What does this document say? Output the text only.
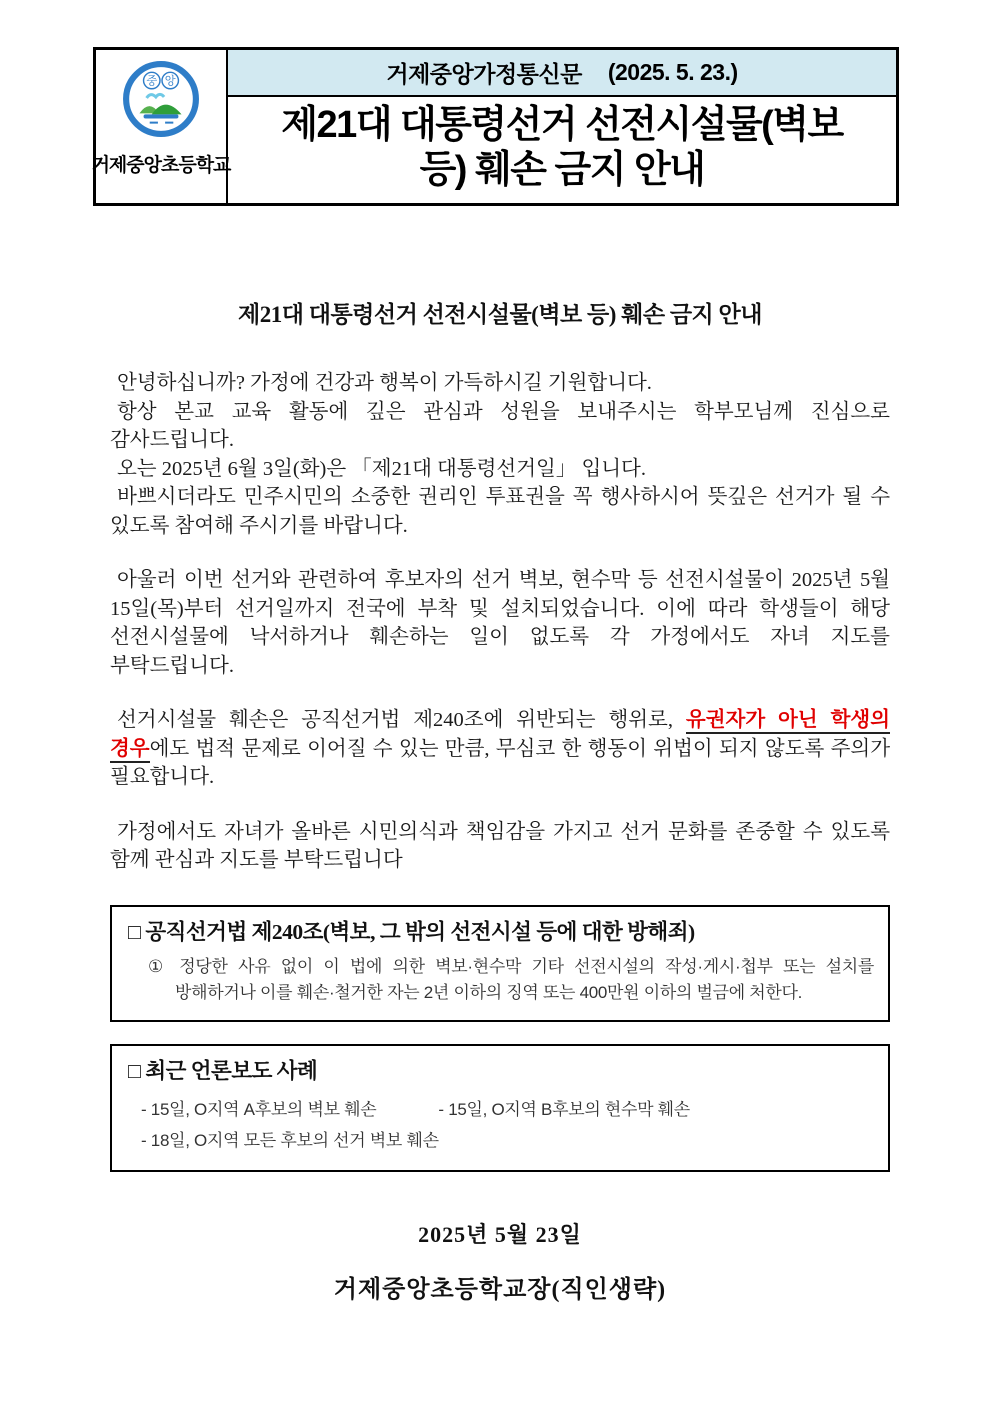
중 앙
거제중앙초등학교
거제중앙가정통신문 (2025. 5. 23.)
제21대 대통령선거 선전시설물(벽보
등) 훼손 금지 안내
제21대 대통령선거 선전시설물(벽보 등) 훼손 금지 안내

안녕하십니까? 가정에 건강과 행복이 가득하시길 기원합니다.

항상 본교 교육 활동에 깊은 관심과 성원을 보내주시는 학부모님께 진심으로 감사드립니다.

오는 2025년 6월 3일(화)은 「제21대 대통령선거일」 입니다.

바쁘시더라도 민주시민의 소중한 권리인 투표권을 꼭 행사하시어 뜻깊은 선거가 될 수 있도록 참여해 주시기를 바랍니다.

아울러 이번 선거와 관련하여 후보자의 선거 벽보, 현수막 등 선전시설물이 2025년 5월 15일(목)부터 선거일까지 전국에 부착 및 설치되었습니다. 이에 따라 학생들이 해당 선전시설물에 낙서하거나 훼손하는 일이 없도록 각 가정에서도 자녀 지도를 부탁드립니다.

선거시설물 훼손은 공직선거법 제240조에 위반되는 행위로, 유권자가 아닌 학생의 경우에도 법적 문제로 이어질 수 있는 만큼, 무심코 한 행동이 위법이 되지 않도록 주의가 필요합니다.

가정에서도 자녀가 올바른 시민의식과 책임감을 가지고 선거 문화를 존중할 수 있도록 함께 관심과 지도를 부탁드립니다

□ 공직선거법 제240조(벽보, 그 밖의 선전시설 등에 대한 방해죄)
① 정당한 사유 없이 이 법에 의한 벽보·현수막 기타 선전시설의 작성·게시·첩부 또는 설치를 방해하거나 이를 훼손·철거한 자는 2년 이하의 징역 또는 400만원 이하의 벌금에 처한다.
□ 최근 언론보도 사례
- 15일, O지역 A후보의 벽보 훼손	- 15일, O지역 B후보의 현수막 훼손
- 18일, O지역 모든 후보의 선거 벽보 훼손
2025년 5월 23일
거제중앙초등학교장(직인생략)
